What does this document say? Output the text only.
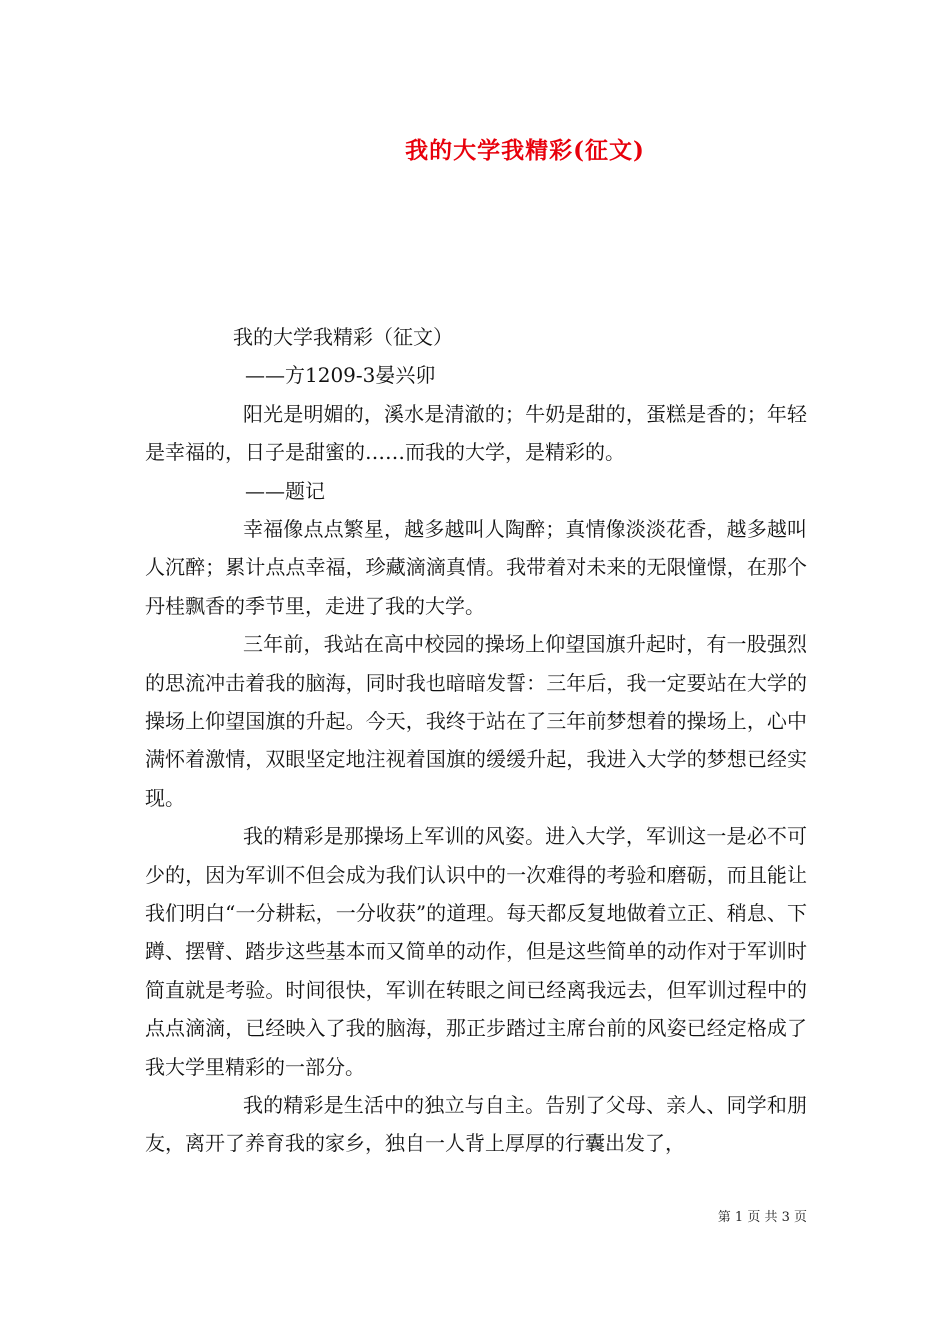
我的大学我精彩(征文)
我的大学我精彩（征文）
——方1209-3晏兴卯
阳光是明媚的，溪水是清澈的；牛奶是甜的，蛋糕是香的；年轻是幸福的，日子是甜蜜的……而我的大学，是精彩的。
——题记
幸福像点点繁星，越多越叫人陶醉；真情像淡淡花香，越多越叫人沉醉；累计点点幸福，珍藏滴滴真情。我带着对未来的无限憧憬，在那个丹桂飘香的季节里，走进了我的大学。
三年前，我站在高中校园的操场上仰望国旗升起时，有一股强烈的思流冲击着我的脑海，同时我也暗暗发誓：三年后，我一定要站在大学的操场上仰望国旗的升起。今天，我终于站在了三年前梦想着的操场上，心中满怀着激情，双眼坚定地注视着国旗的缓缓升起，我进入大学的梦想已经实现。
我的精彩是那操场上军训的风姿。进入大学，军训这一是必不可少的，因为军训不但会成为我们认识中的一次难得的考验和磨砺，而且能让我们明白“一分耕耘，一分收获”的道理。每天都反复地做着立正、稍息、下蹲、摆臂、踏步这些基本而又简单的动作，但是这些简单的动作对于军训时简直就是考验。时间很快，军训在转眼之间已经离我远去，但军训过程中的点点滴滴，已经映入了我的脑海，那正步踏过主席台前的风姿已经定格成了我大学里精彩的一部分。
我的精彩是生活中的独立与自主。告别了父母、亲人、同学和朋友，离开了养育我的家乡，独自一人背上厚厚的行囊出发了，
第 1 页 共 3 页
